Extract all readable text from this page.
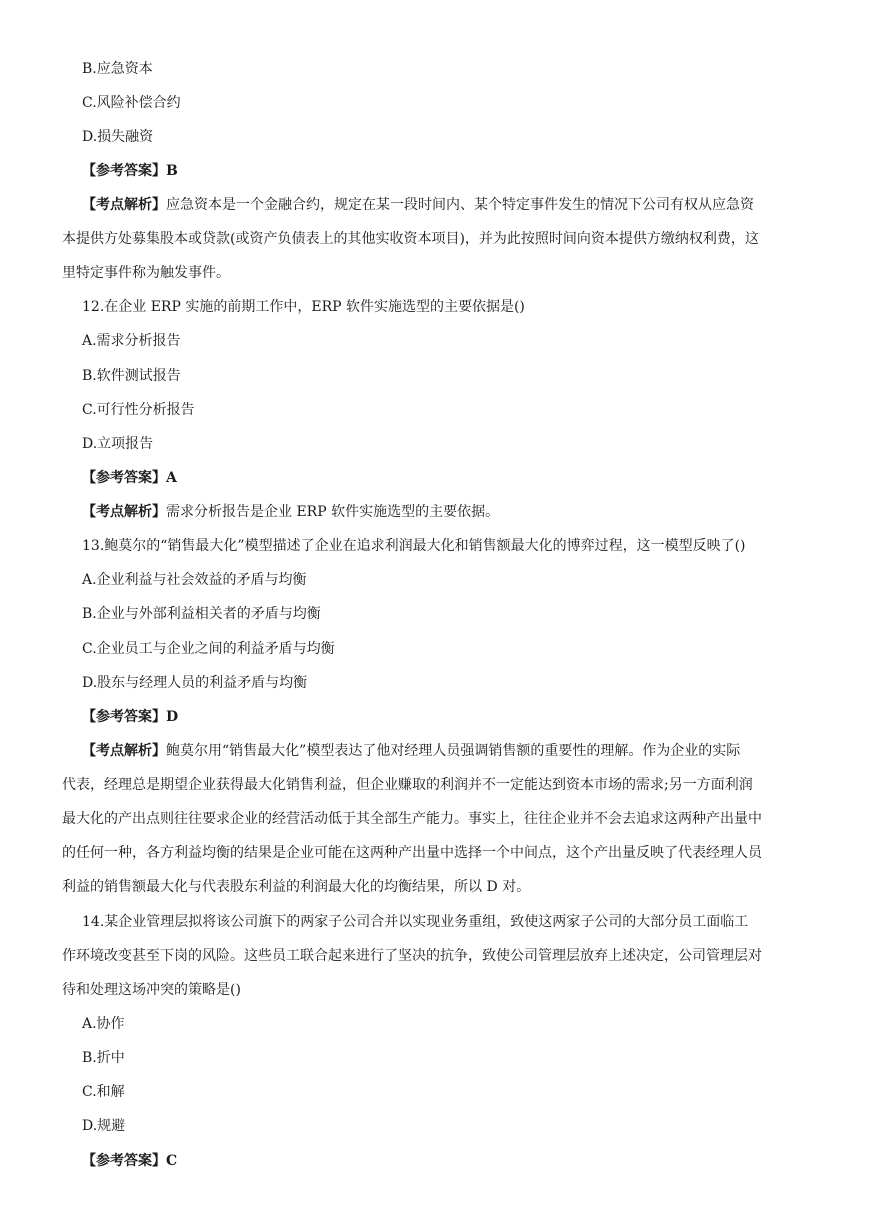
B.应急资本
C.风险补偿合约
D.损失融资
【参考答案】B
【考点解析】应急资本是一个金融合约，规定在某一段时间内、某个特定事件发生的情况下公司有权从应急资
本提供方处募集股本或贷款(或资产负债表上的其他实收资本项目)，并为此按照时间向资本提供方缴纳权利费，这
里特定事件称为触发事件。
12.在企业 ERP 实施的前期工作中，ERP 软件实施选型的主要依据是()
A.需求分析报告
B.软件测试报告
C.可行性分析报告
D.立项报告
【参考答案】A
【考点解析】需求分析报告是企业 ERP 软件实施选型的主要依据。
13.鲍莫尔的“销售最大化”模型描述了企业在追求利润最大化和销售额最大化的博弈过程，这一模型反映了()
A.企业利益与社会效益的矛盾与均衡
B.企业与外部利益相关者的矛盾与均衡
C.企业员工与企业之间的利益矛盾与均衡
D.股东与经理人员的利益矛盾与均衡
【参考答案】D
【考点解析】鲍莫尔用“销售最大化”模型表达了他对经理人员强调销售额的重要性的理解。作为企业的实际
代表，经理总是期望企业获得最大化销售利益，但企业赚取的利润并不一定能达到资本市场的需求;另一方面利润
最大化的产出点则往往要求企业的经营活动低于其全部生产能力。事实上，往往企业并不会去追求这两种产出量中
的任何一种，各方利益均衡的结果是企业可能在这两种产出量中选择一个中间点，这个产出量反映了代表经理人员
利益的销售额最大化与代表股东利益的利润最大化的均衡结果，所以 D 对。
14.某企业管理层拟将该公司旗下的两家子公司合并以实现业务重组，致使这两家子公司的大部分员工面临工
作环境改变甚至下岗的风险。这些员工联合起来进行了坚决的抗争，致使公司管理层放弃上述决定，公司管理层对
待和处理这场冲突的策略是()
A.协作
B.折中
C.和解
D.规避
【参考答案】C
